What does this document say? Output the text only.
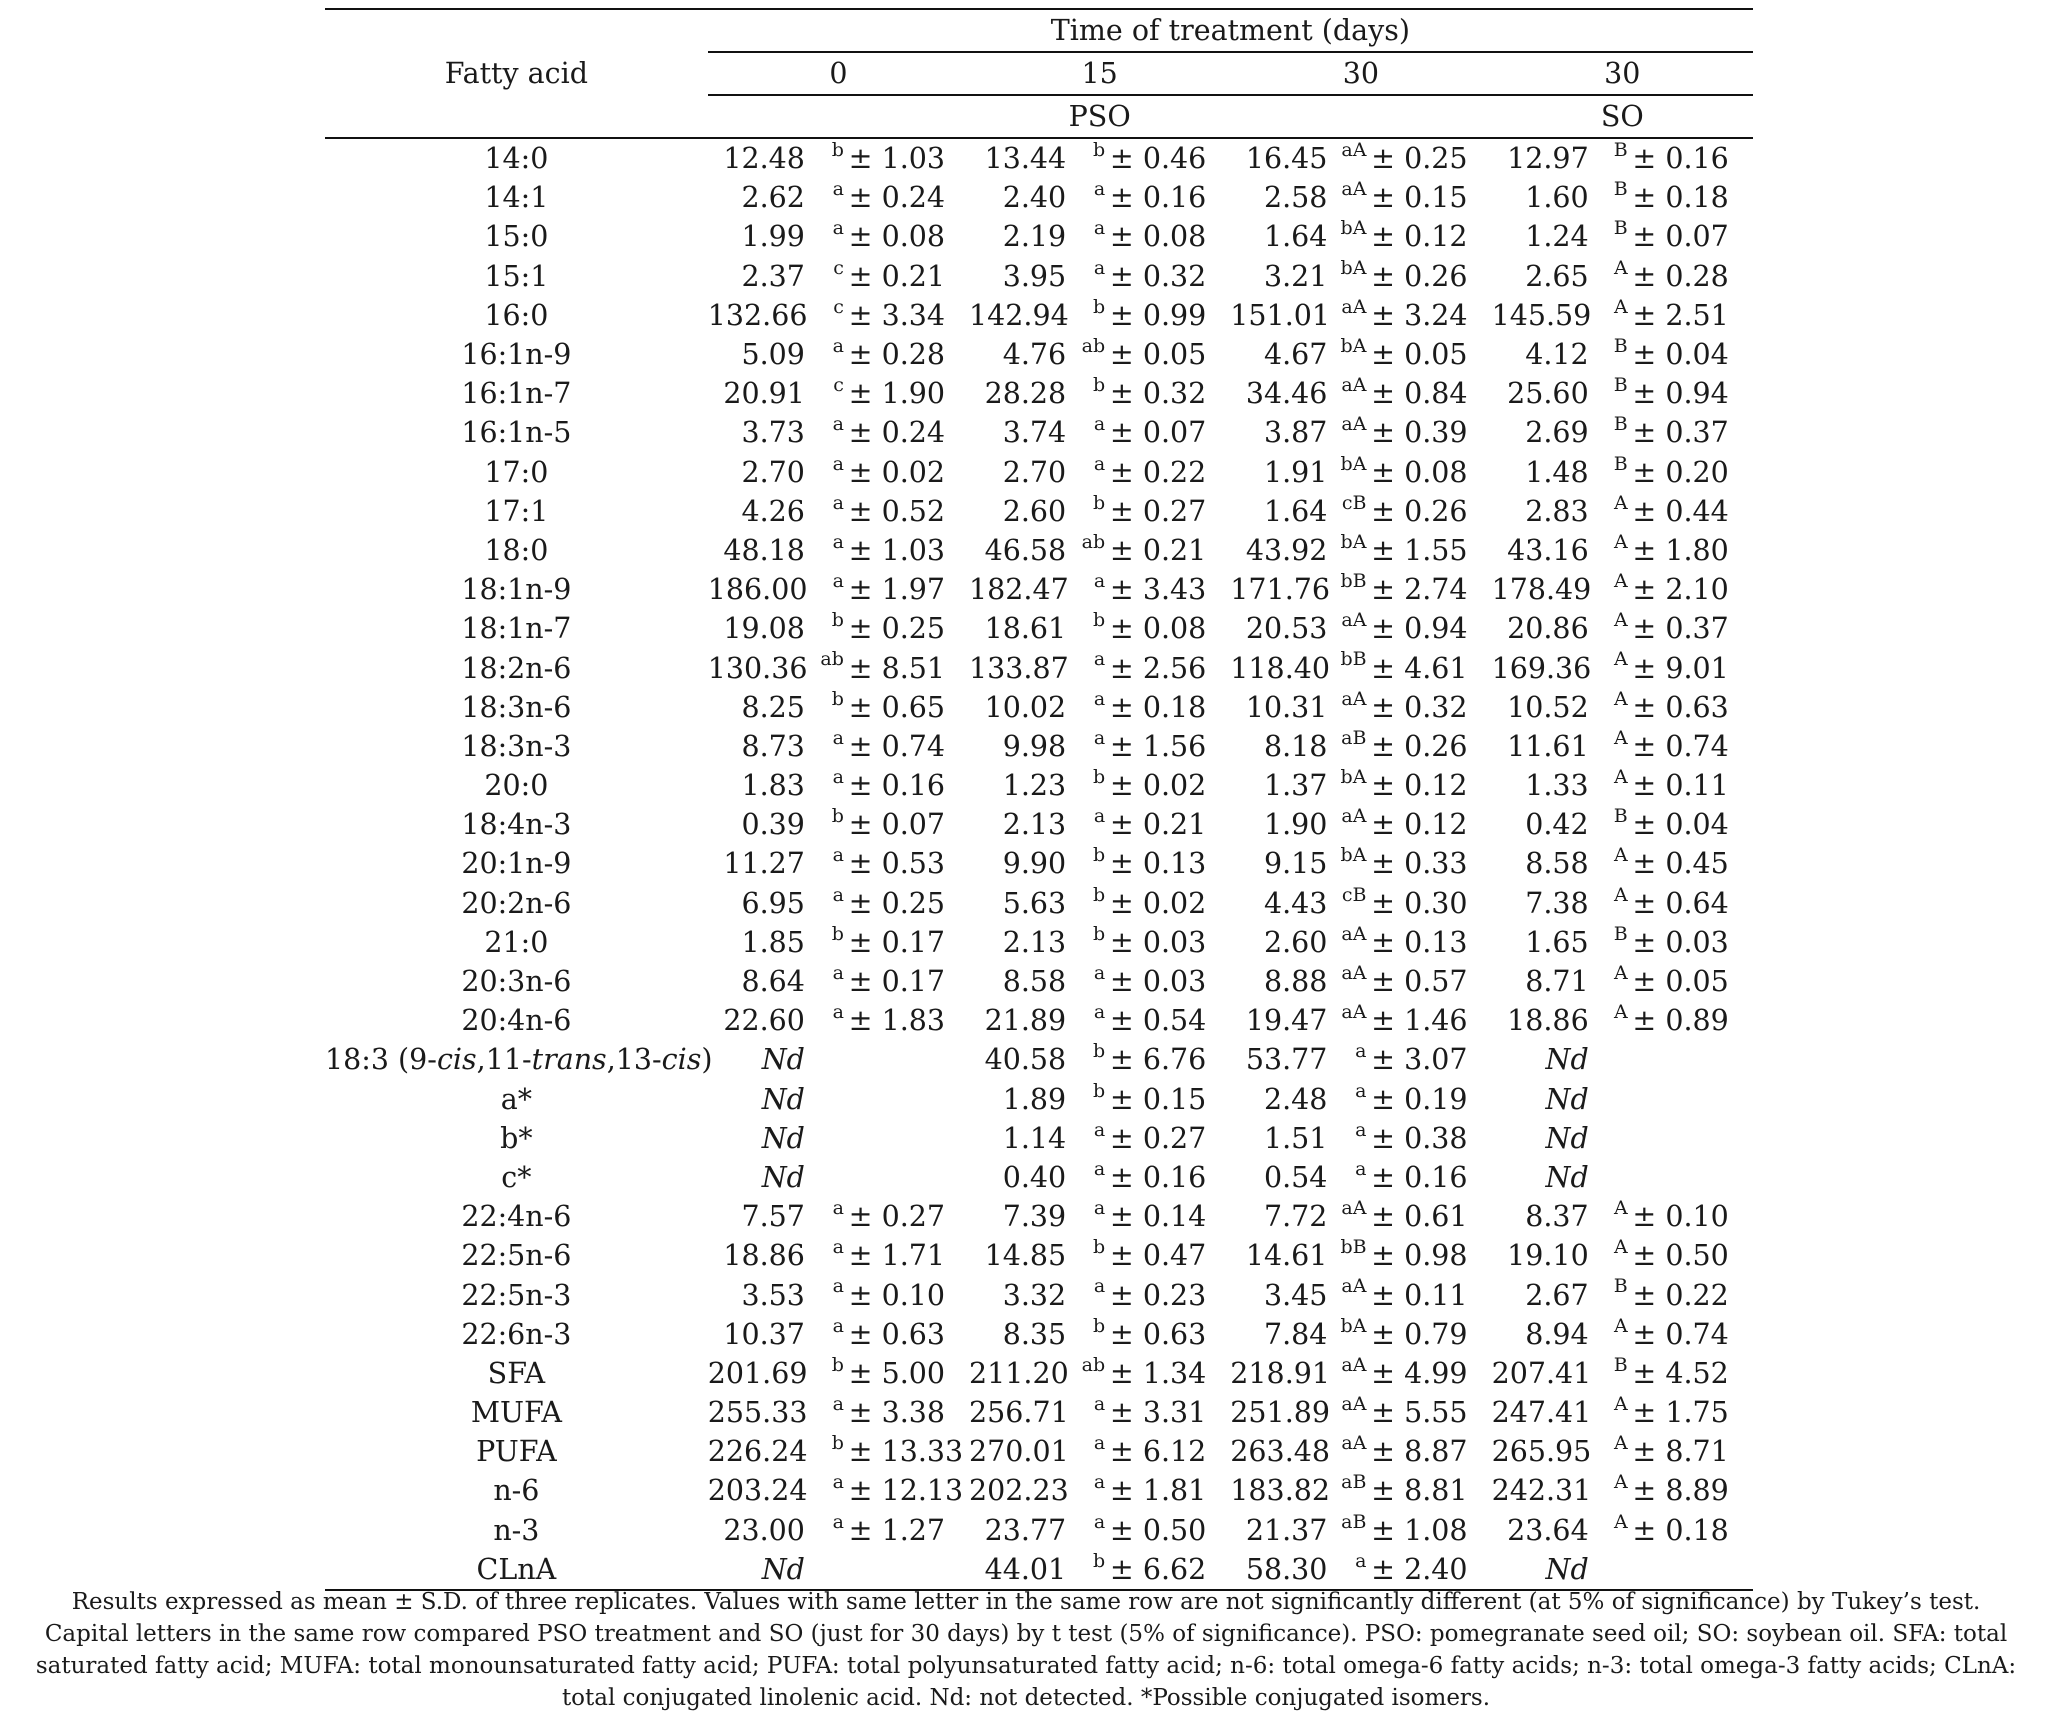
Fatty acid	Time of treatment (days)											
	0			15			30			30		
	PSO									SO		
14:0	12.48	b	± 1.03	13.44	b	± 0.46	16.45	aA	± 0.25	12.97	B	± 0.16
14:1	2.62	a	± 0.24	2.40	a	± 0.16	2.58	aA	± 0.15	1.60	B	± 0.18
15:0	1.99	a	± 0.08	2.19	a	± 0.08	1.64	bA	± 0.12	1.24	B	± 0.07
15:1	2.37	c	± 0.21	3.95	a	± 0.32	3.21	bA	± 0.26	2.65	A	± 0.28
16:0	132.66	c	± 3.34	142.94	b	± 0.99	151.01	aA	± 3.24	145.59	A	± 2.51
16:1n-9	5.09	a	± 0.28	4.76	ab	± 0.05	4.67	bA	± 0.05	4.12	B	± 0.04
16:1n-7	20.91	c	± 1.90	28.28	b	± 0.32	34.46	aA	± 0.84	25.60	B	± 0.94
16:1n-5	3.73	a	± 0.24	3.74	a	± 0.07	3.87	aA	± 0.39	2.69	B	± 0.37
17:0	2.70	a	± 0.02	2.70	a	± 0.22	1.91	bA	± 0.08	1.48	B	± 0.20
17:1	4.26	a	± 0.52	2.60	b	± 0.27	1.64	cB	± 0.26	2.83	A	± 0.44
18:0	48.18	a	± 1.03	46.58	ab	± 0.21	43.92	bA	± 1.55	43.16	A	± 1.80
18:1n-9	186.00	a	± 1.97	182.47	a	± 3.43	171.76	bB	± 2.74	178.49	A	± 2.10
18:1n-7	19.08	b	± 0.25	18.61	b	± 0.08	20.53	aA	± 0.94	20.86	A	± 0.37
18:2n-6	130.36	ab	± 8.51	133.87	a	± 2.56	118.40	bB	± 4.61	169.36	A	± 9.01
18:3n-6	8.25	b	± 0.65	10.02	a	± 0.18	10.31	aA	± 0.32	10.52	A	± 0.63
18:3n-3	8.73	a	± 0.74	9.98	a	± 1.56	8.18	aB	± 0.26	11.61	A	± 0.74
20:0	1.83	a	± 0.16	1.23	b	± 0.02	1.37	bA	± 0.12	1.33	A	± 0.11
18:4n-3	0.39	b	± 0.07	2.13	a	± 0.21	1.90	aA	± 0.12	0.42	B	± 0.04
20:1n-9	11.27	a	± 0.53	9.90	b	± 0.13	9.15	bA	± 0.33	8.58	A	± 0.45
20:2n-6	6.95	a	± 0.25	5.63	b	± 0.02	4.43	cB	± 0.30	7.38	A	± 0.64
21:0	1.85	b	± 0.17	2.13	b	± 0.03	2.60	aA	± 0.13	1.65	B	± 0.03
20:3n-6	8.64	a	± 0.17	8.58	a	± 0.03	8.88	aA	± 0.57	8.71	A	± 0.05
20:4n-6	22.60	a	± 1.83	21.89	a	± 0.54	19.47	aA	± 1.46	18.86	A	± 0.89
18:3 (9-cis,11-trans,13-cis)	Nd			40.58	b	± 6.76	53.77	a	± 3.07	Nd		
a*	Nd			1.89	b	± 0.15	2.48	a	± 0.19	Nd		
b*	Nd			1.14	a	± 0.27	1.51	a	± 0.38	Nd		
c*	Nd			0.40	a	± 0.16	0.54	a	± 0.16	Nd		
22:4n-6	7.57	a	± 0.27	7.39	a	± 0.14	7.72	aA	± 0.61	8.37	A	± 0.10
22:5n-6	18.86	a	± 1.71	14.85	b	± 0.47	14.61	bB	± 0.98	19.10	A	± 0.50
22:5n-3	3.53	a	± 0.10	3.32	a	± 0.23	3.45	aA	± 0.11	2.67	B	± 0.22
22:6n-3	10.37	a	± 0.63	8.35	b	± 0.63	7.84	bA	± 0.79	8.94	A	± 0.74
SFA	201.69	b	± 5.00	211.20	ab	± 1.34	218.91	aA	± 4.99	207.41	B	± 4.52
MUFA	255.33	a	± 3.38	256.71	a	± 3.31	251.89	aA	± 5.55	247.41	A	± 1.75
PUFA	226.24	b	± 13.33	270.01	a	± 6.12	263.48	aA	± 8.87	265.95	A	± 8.71
n-6	203.24	a	± 12.13	202.23	a	± 1.81	183.82	aB	± 8.81	242.31	A	± 8.89
n-3	23.00	a	± 1.27	23.77	a	± 0.50	21.37	aB	± 1.08	23.64	A	± 0.18
CLnA	Nd			44.01	b	± 6.62	58.30	a	± 2.40	Nd		
Results expressed as mean ± S.D. of three replicates. Values with same letter in the same row are not significantly different (at 5% of significance) by Tukey’s test. Capital letters in the same row compared PSO treatment and SO (just for 30 days) by t test (5% of significance). PSO: pomegranate seed oil; SO: soybean oil. SFA: total saturated fatty acid; MUFA: total monounsaturated fatty acid; PUFA: total polyunsaturated fatty acid; n-6: total omega-6 fatty acids; n-3: total omega-3 fatty acids; CLnA: total conjugated linolenic acid. Nd: not detected. *Possible conjugated isomers.
